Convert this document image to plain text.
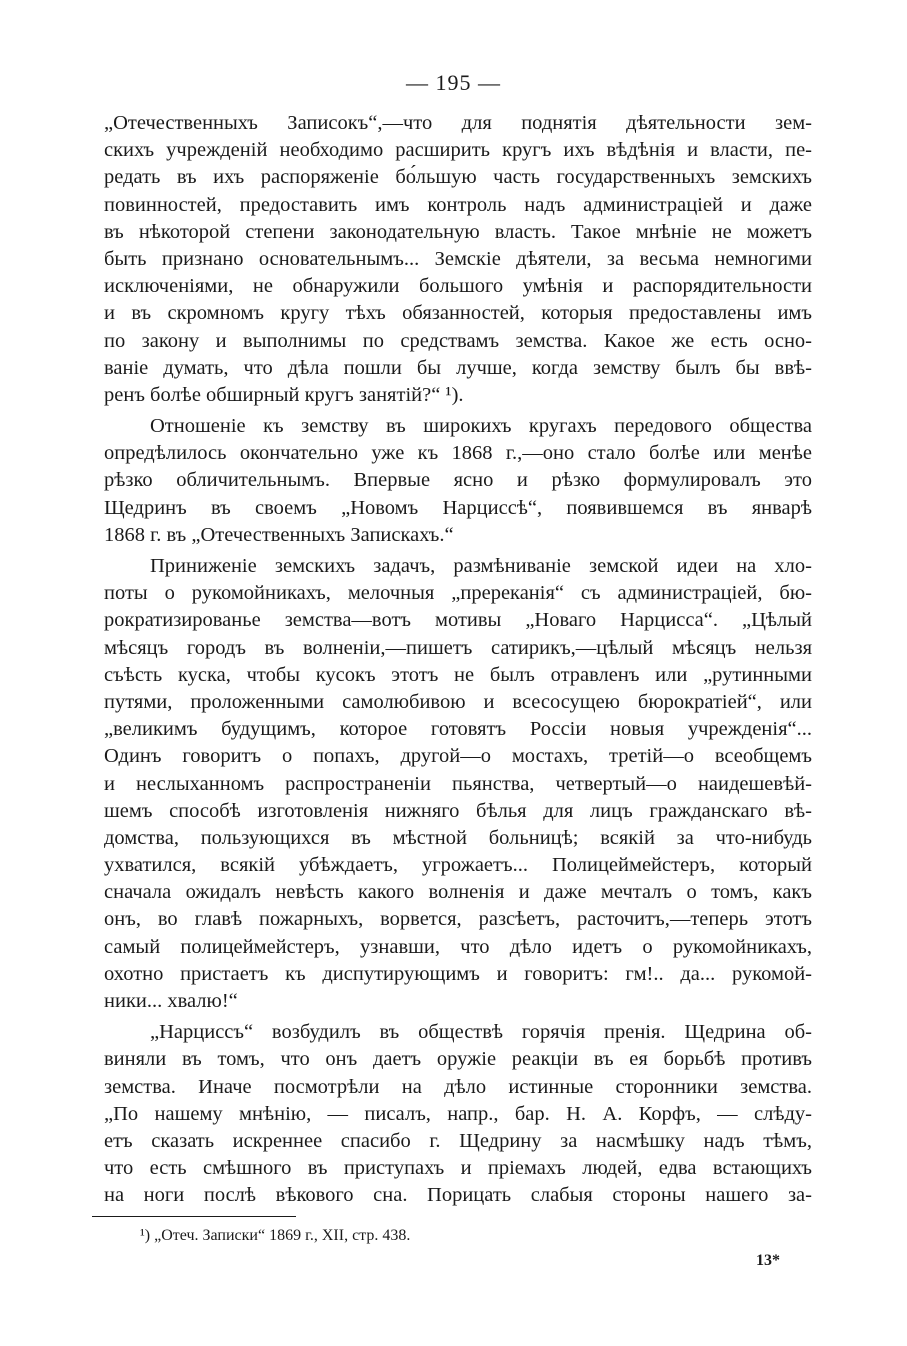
— 195 —
„Отечественныхъ Записокъ“,—что для поднятія дѣятельности зем-
скихъ учрежденій необходимо расширить кругъ ихъ вѣдѣнія и власти, пе-
редать въ ихъ распоряженіе бо́льшую часть государственныхъ земскихъ
повинностей, предоставить имъ контроль надъ администраціей и даже
въ нѣкоторой степени законодательную власть. Такое мнѣніе не можетъ
быть признано основательнымъ... Земскіе дѣятели, за весьма немногими
исключеніями, не обнаружили большого умѣнія и распорядительности
и въ скромномъ кругу тѣхъ обязанностей, которыя предоставлены имъ
по закону и выполнимы по средствамъ земства. Какое же есть осно-
ваніе думать, что дѣла пошли бы лучше, когда земству былъ бы ввѣ-
ренъ болѣе обширный кругъ занятій?“ ¹).
Отношеніе къ земству въ широкихъ кругахъ передового общества
опредѣлилось окончательно уже къ 1868 г.,—оно стало болѣе или менѣе
рѣзко обличительнымъ. Впервые ясно и рѣзко формулировалъ это
Щедринъ въ своемъ „Новомъ Нарциссѣ“, появившемся въ январѣ
1868 г. въ „Отечественныхъ Запискахъ.“
Приниженіе земскихъ задачъ, размѣниваніе земской идеи на хло-
поты о рукомойникахъ, мелочныя „пререканія“ съ администраціей, бю-
рократизированье земства—вотъ мотивы „Новаго Нарцисса“. „Цѣлый
мѣсяцъ городъ въ волненіи,—пишетъ сатирикъ,—цѣлый мѣсяцъ нельзя
съѣсть куска, чтобы кусокъ этотъ не былъ отравленъ или „рутинными
путями, проложенными самолюбивою и всесосущею бюрократіей“, или
„великимъ будущимъ, которое готовятъ Россіи новыя учрежденія“...
Одинъ говоритъ о попахъ, другой—о мостахъ, третій—о всеобщемъ
и неслыханномъ распространеніи пьянства, четвертый—о наидешевѣй-
шемъ способѣ изготовленія нижняго бѣлья для лицъ гражданскаго вѣ-
домства, пользующихся въ мѣстной больницѣ; всякій за что-нибудь
ухватился, всякій убѣждаетъ, угрожаетъ... Полицеймейстеръ, который
сначала ожидалъ невѣсть какого волненія и даже мечталъ о томъ, какъ
онъ, во главѣ пожарныхъ, ворвется, разсѣетъ, расточитъ,—теперь этотъ
самый полицеймейстеръ, узнавши, что дѣло идетъ о рукомойникахъ,
охотно пристаетъ къ диспутирующимъ и говоритъ: гм!.. да... рукомой-
ники... хвалю!“
„Нарциссъ“ возбудилъ въ обществѣ горячія пренія. Щедрина об-
виняли въ томъ, что онъ даетъ оружіе реакціи въ ея борьбѣ противъ
земства. Иначе посмотрѣли на дѣло истинные сторонники земства.
„По нашему мнѣнію, — писалъ, напр., бар. Н. А. Корфъ, — слѣду-
етъ сказать искреннее спасибо г. Щедрину за насмѣшку надъ тѣмъ,
что есть смѣшного въ приступахъ и пріемахъ людей, едва встающихъ
на ноги послѣ вѣкового сна. Порицать слабыя стороны нашего за-
¹) „Отеч. Записки“ 1869 г., XII, стр. 438.
13*
